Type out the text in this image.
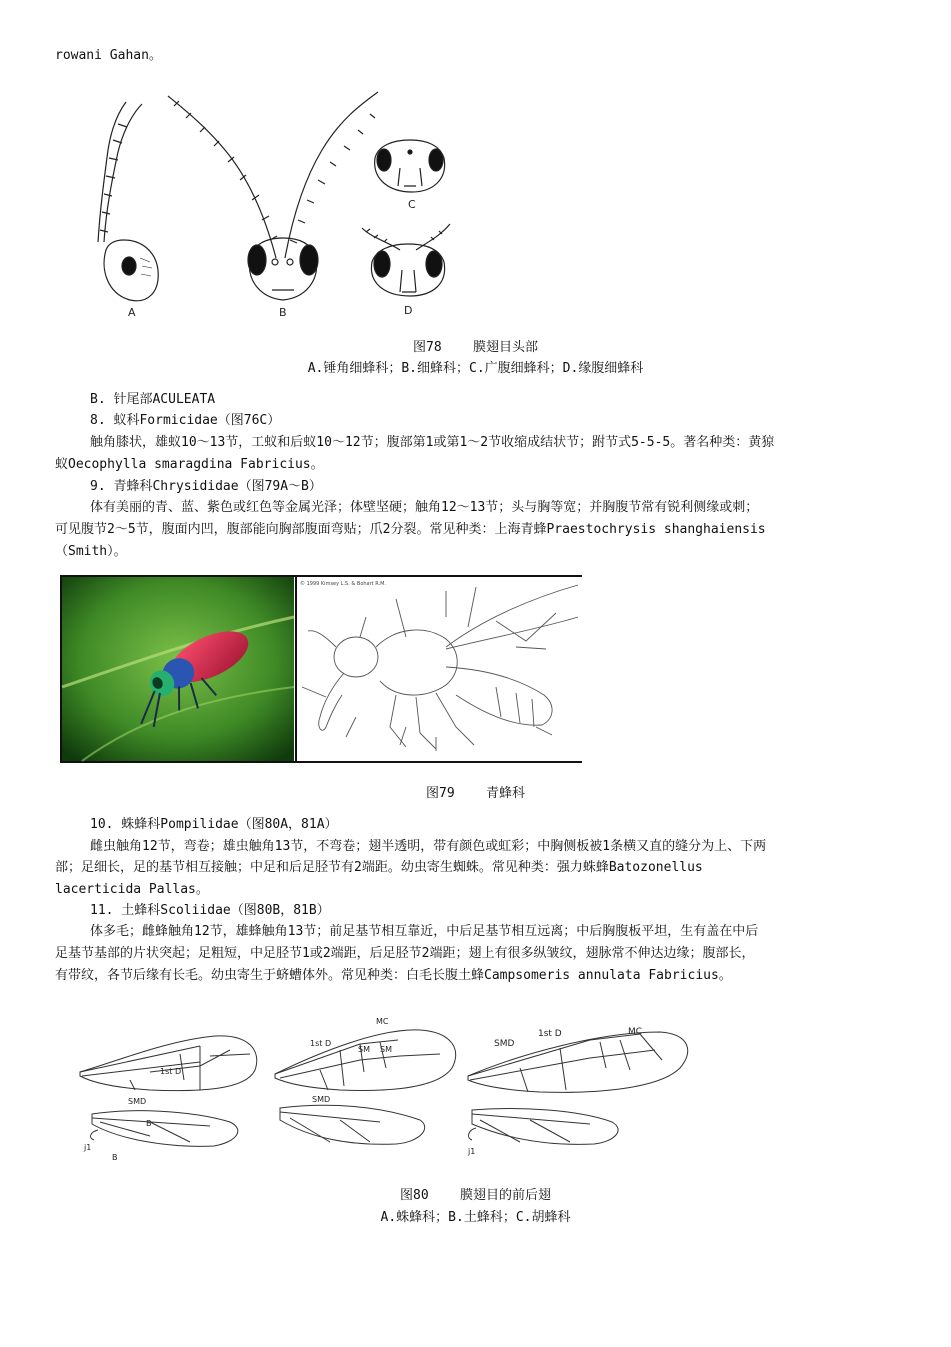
rowani Gahan。
A	B
C
D
图78    膜翅目头部
A.锤角细蜂科；B.细蜂科；C.广腹细蜂科；D.缘腹细蜂科
B. 针尾部ACULEATA
8. 蚁科Formicidae（图76C）
触角膝状，雄蚁10～13节，工蚁和后蚁10～12节；腹部第1或第1～2节收缩成结状节；跗节式5-5-5。著名种类：黄猄
蚁Oecophylla smaragdina Fabricius。
9. 青蜂科Chrysididae（图79A～B）
体有美丽的青、蓝、紫色或红色等金属光泽；体壁坚硬；触角12～13节；头与胸等宽；并胸腹节常有锐利侧缘或刺；
可见腹节2～5节，腹面内凹，腹部能向胸部腹面弯贴；爪2分裂。常见种类：上海青蜂Praestochrysis shanghaiensis
（Smith）。
© 1999 Kimsey L.S. & Bohart R.M.
图79    青蜂科
10. 蛛蜂科Pompilidae（图80A，81A）
雌虫触角12节，弯卷；雄虫触角13节，不弯卷；翅半透明，带有颜色或虹彩；中胸侧板被1条横又直的缝分为上、下两
部；足细长，足的基节相互接触；中足和后足胫节有2端距。幼虫寄生蜘蛛。常见种类：强力蛛蜂Batozonellus
lacerticida Pallas。
11. 土蜂科Scoliidae（图80B，81B）
体多毛；雌蜂触角12节，雄蜂触角13节；前足基节相互靠近，中后足基节相互远离；中后胸腹板平坦，生有盖在中后
足基节基部的片状突起；足粗短，中足胫节1或2端距，后足胫节2端距；翅上有很多纵皱纹，翅脉常不伸达边缘；腹部长，
有带纹，各节后缘有长毛。幼虫寄生于蛴螬体外。常见种类：白毛长腹土蜂Campsomeris annulata Fabricius。
1st D
SMD
B
j1
B
MC
1st D
SM SM
SMD
SMD
1st D	MC
j1
图80    膜翅目的前后翅
A.蛛蜂科；B.土蜂科；C.胡蜂科
